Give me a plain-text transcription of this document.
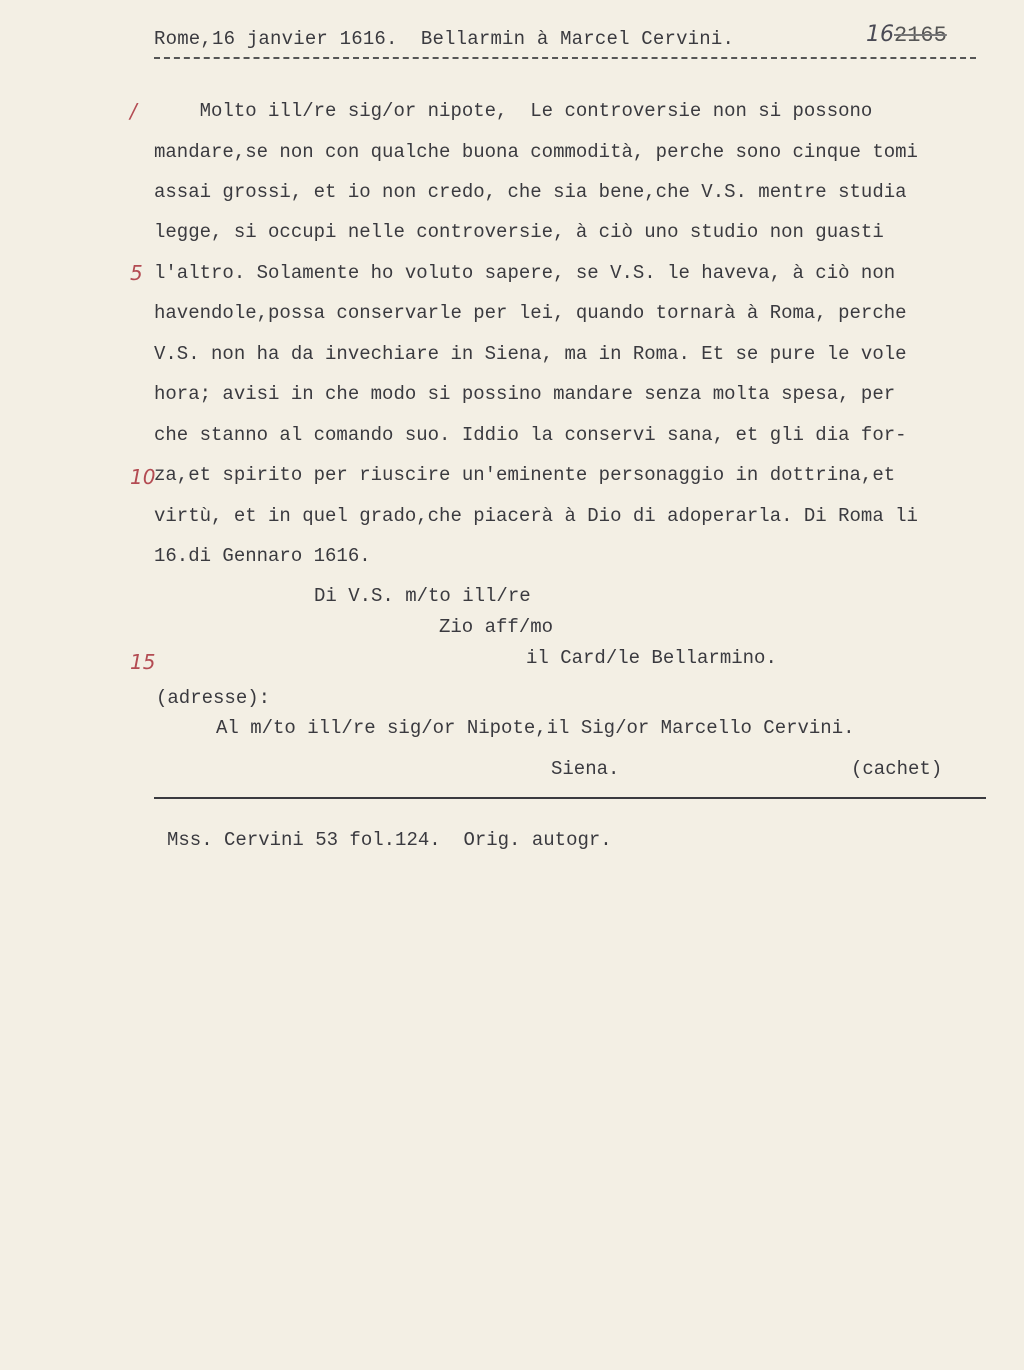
Rome,16 janvier 1616.  Bellarmin à Marcel Cervini.	162165
/
5
10
15
Molto ill/re sig/or nipote,  Le controversie non si possono
mandare,se non con qualche buona commodità, perche sono cinque tomi
assai grossi, et io non credo, che sia bene,che V.S. mentre studia
legge, si occupi nelle controversie, à ciò uno studio non guasti
l'altro. Solamente ho voluto sapere, se V.S. le haveva, à ciò non
havendole,possa conservarle per lei, quando tornarà à Roma, perche
V.S. non ha da invechiare in Siena, ma in Roma. Et se pure le vole
hora; avisi in che modo si possino mandare senza molta spesa, per
che stanno al comando suo. Iddio la conservi sana, et gli dia for-
za,et spirito per riuscire un'eminente personaggio in dottrina,et
virtù, et in quel grado,che piacerà à Dio di adoperarla. Di Roma li
16.di Gennaro 1616.
Di V.S. m/to ill/re
Zio aff/mo
il Card/le Bellarmino.
(adresse):
Al m/to ill/re sig/or Nipote,il Sig/or Marcello Cervini.
Siena.	(cachet)
Mss. Cervini 53 fol.124.  Orig. autogr.
